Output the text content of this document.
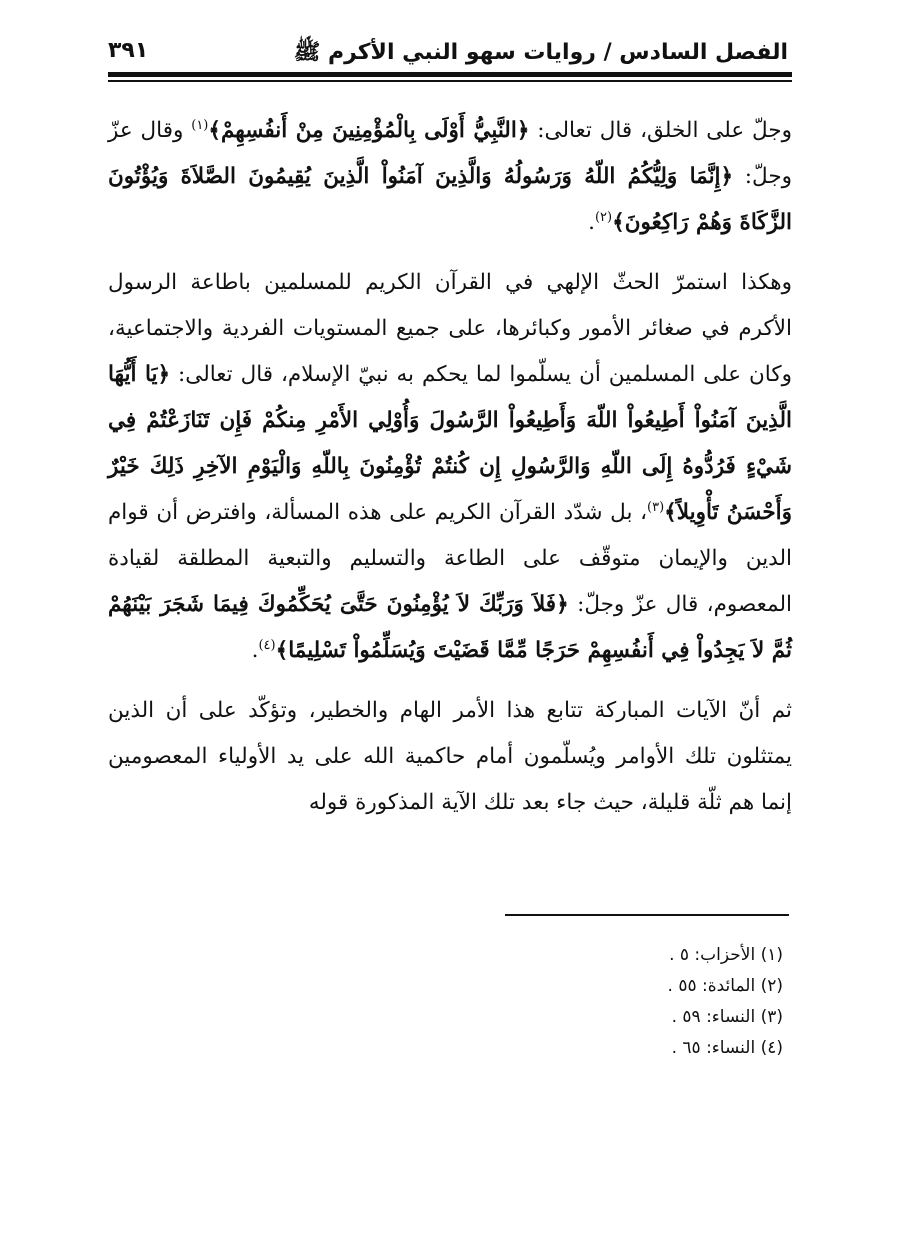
الفصل السادس / روايات سهو النبي الأكرم ﷺ
٣٩١

وجلّ على الخلق، قال تعالى: ﴿النَّبِيُّ أَوْلَى بِالْمُؤْمِنِينَ مِنْ أَنفُسِهِمْ﴾$^{(١)}$ وقال عزّ وجلّ: ﴿إِنَّمَا وَلِيُّكُمُ اللّهُ وَرَسُولُهُ وَالَّذِينَ آمَنُواْ الَّذِينَ يُقِيمُونَ الصَّلاَةَ وَيُؤْتُونَ الزَّكَاةَ وَهُمْ رَاكِعُونَ﴾$^{(٢)}$.

وهكذا استمرّ الحثّ الإلهي في القرآن الكريم للمسلمين باطاعة الرسول الأكرم في صغائر الأمور وكبائرها، على جميع المستويات الفردية والاجتماعية، وكان على المسلمين أن يسلّموا لما يحكم به نبيّ الإسلام، قال تعالى: ﴿يَا أَيُّهَا الَّذِينَ آمَنُواْ أَطِيعُواْ اللّهَ وَأَطِيعُواْ الرَّسُولَ وَأُوْلِي الأَمْرِ مِنكُمْ فَإِن تَنَازَعْتُمْ فِي شَيْءٍ فَرُدُّوهُ إِلَى اللّهِ وَالرَّسُولِ إِن كُنتُمْ تُؤْمِنُونَ بِاللّهِ وَالْيَوْمِ الآخِرِ ذَلِكَ خَيْرٌ وَأَحْسَنُ تَأْوِيلاً﴾$^{(٣)}$، بل شدّد القرآن الكريم على هذه المسألة، وافترض أن قوام الدين والإيمان متوقّف على الطاعة والتسليم والتبعية المطلقة لقيادة المعصوم، قال عزّ وجلّ: ﴿فَلاَ وَرَبِّكَ لاَ يُؤْمِنُونَ حَتَّىَ يُحَكِّمُوكَ فِيمَا شَجَرَ بَيْنَهُمْ ثُمَّ لاَ يَجِدُواْ فِي أَنفُسِهِمْ حَرَجًا مِّمَّا قَضَيْتَ وَيُسَلِّمُواْ تَسْلِيمًا﴾$^{(٤)}$.

ثم أنّ الآيات المباركة تتابع هذا الأمر الهام والخطير، وتؤكّد على أن الذين يمتثلون تلك الأوامر ويُسلّمون أمام حاكمية الله على يد الأولياء المعصومين إنما هم ثلّة قليلة، حيث جاء بعد تلك الآية المذكورة قوله

(١) الأحزاب: ٥ .
(٢) المائدة: ٥٥ .
(٣) النساء: ٥٩ .
(٤) النساء: ٦٥ .
